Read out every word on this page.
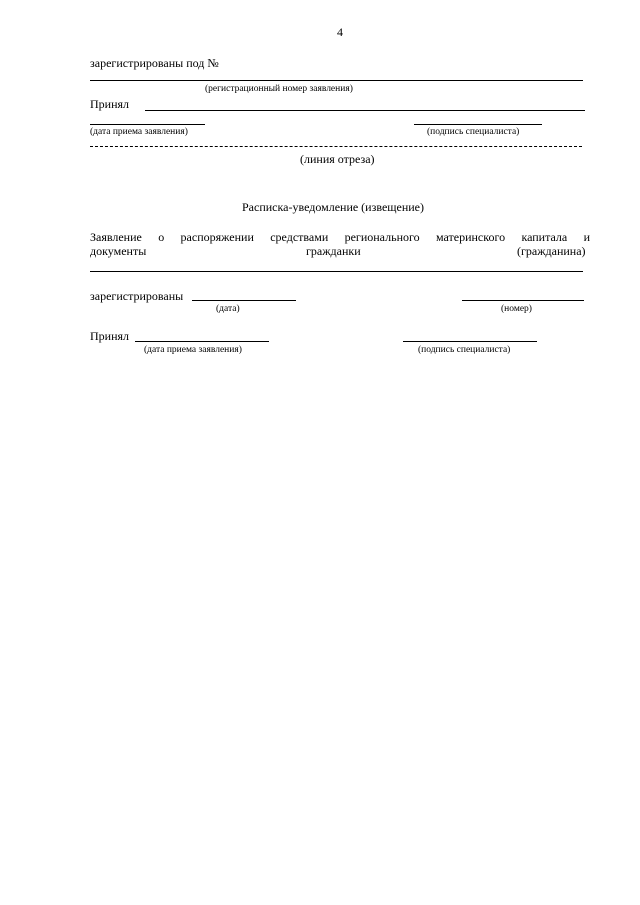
4
зарегистрированы под №
(регистрационный номер заявления)
Принял
(дата приема заявления)	(подпись специалиста)
(линия отреза)
Расписка-уведомление (извещение)
Заявление о распоряжении средствами регионального материнского капитала и
документы	гражданки	(гражданина)
зарегистрированы
(дата)	(номер)
Принял
(дата приема заявления)	(подпись специалиста)
